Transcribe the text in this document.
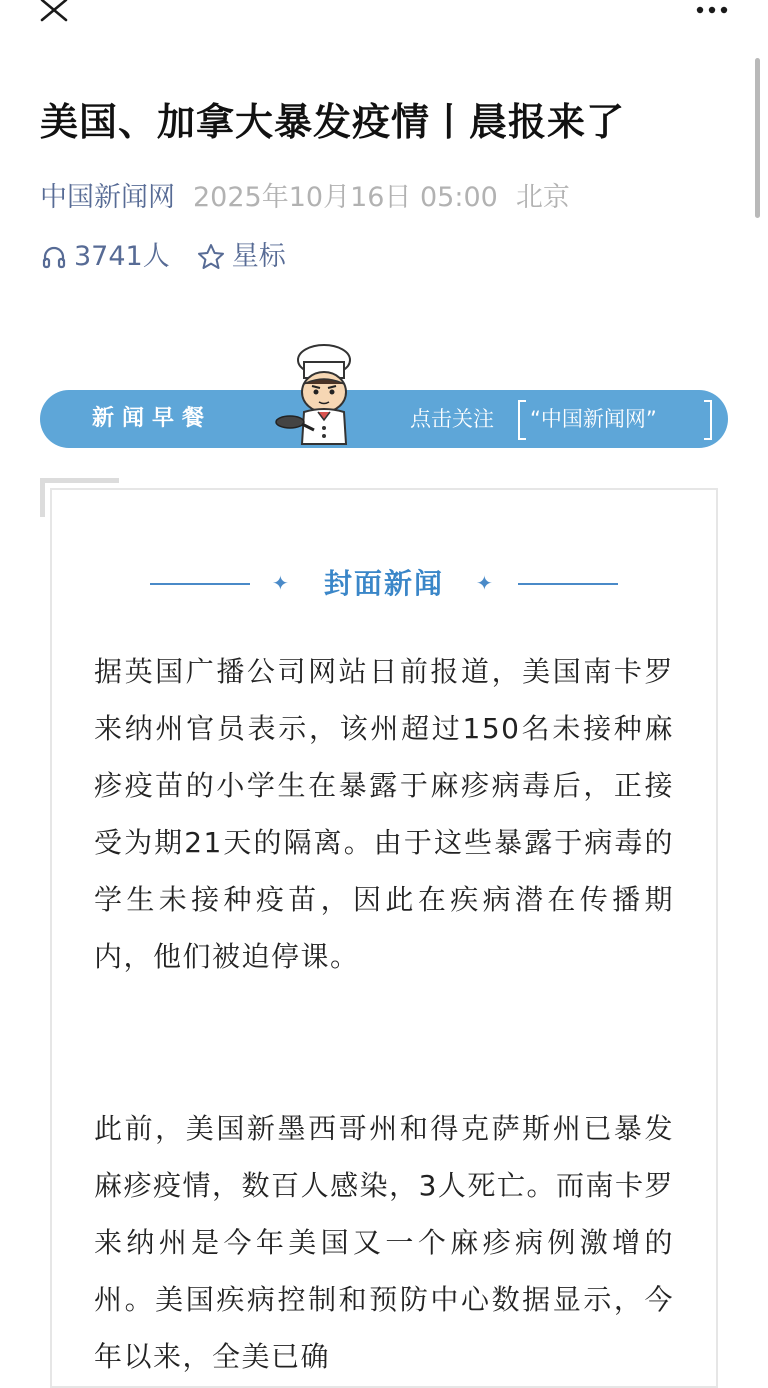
美国、加拿大暴发疫情丨晨报来了
中国新闻网 2025年10月16日 05:00 北京
3741人 星标
新闻早餐	点击关注	“中国新闻网”
✦ 封面新闻	✦
据英国广播公司网站日前报道，美国南卡罗来纳州官员表示，该州超过150名未接种麻疹疫苗的小学生在暴露于麻疹病毒后，正接受为期21天的隔离。由于这些暴露于病毒的学生未接种疫苗，因此在疾病潜在传播期内，他们被迫停课。
此前，美国新墨西哥州和得克萨斯州已暴发麻疹疫情，数百人感染，3人死亡。而南卡罗来纳州是今年美国又一个麻疹病例激增的州。美国疾病控制和预防中心数据显示，今年以来，全美已确
